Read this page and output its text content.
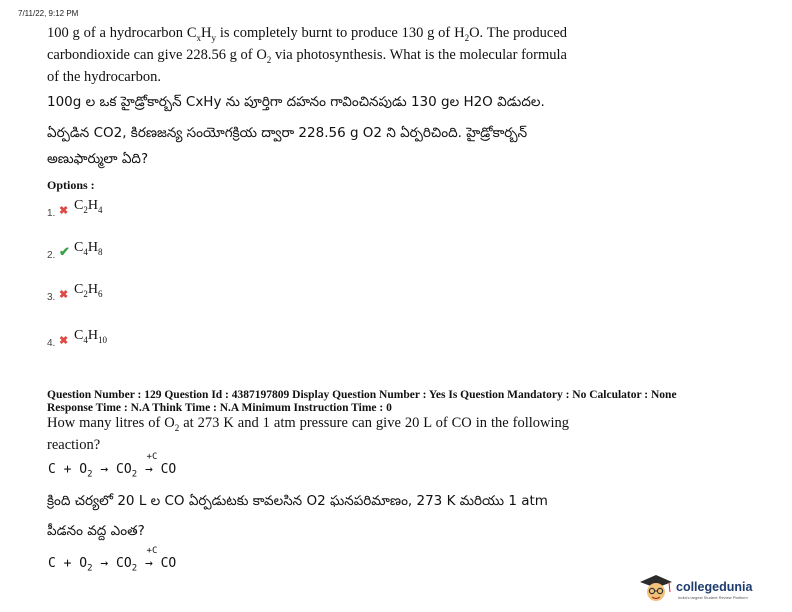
7/11/22, 9:12 PM
100 g of a hydrocarbon $C_xH_y$ is completely burnt to produce 130 g of $H_2O$. The produced carbondioxide can give 228.56 g of $O_2$ via photosynthesis. What is the molecular formula of the hydrocarbon.
100g ల ఒక హైడ్రోకార్బన్ CxHy ను పూర్తిగా దహనం గావించినపుడు 130 gల H2O విడుదల.
ఏర్పడిన CO2, కిరణజన్య సంయోగక్రియ ద్వారా 228.56 g O2 ని ఏర్పరిచింది. హైడ్రోకార్బన్
అణుఫార్ములా ఏది?
Options :
1. ✖ $C_2H_4$
2. ✔ $C_4H_8$
3. ✖ $C_2H_6$
4. ✖ $C_4H_{10}$
Question Number : 129 Question Id : 4387197809 Display Question Number : Yes Is Question Mandatory : No Calculator : None
Response Time : N.A Think Time : N.A Minimum Instruction Time : 0
How many litres of $O_2$ at 273 K and 1 atm pressure can give 20 L of CO in the following reaction?
$C + O_2 \to CO_2$
+C
→ CO
క్రింది చర్యలో 20 L ల CO ఏర్పడుటకు కావలసిన O2 ఘనపరిమాణం, 273 K మరియు 1 atm
పీడనం వద్ద ఎంత?
$C + O_2 \to CO_2$
+C
→ CO
collegedunia
India's largest Student Review Platform
